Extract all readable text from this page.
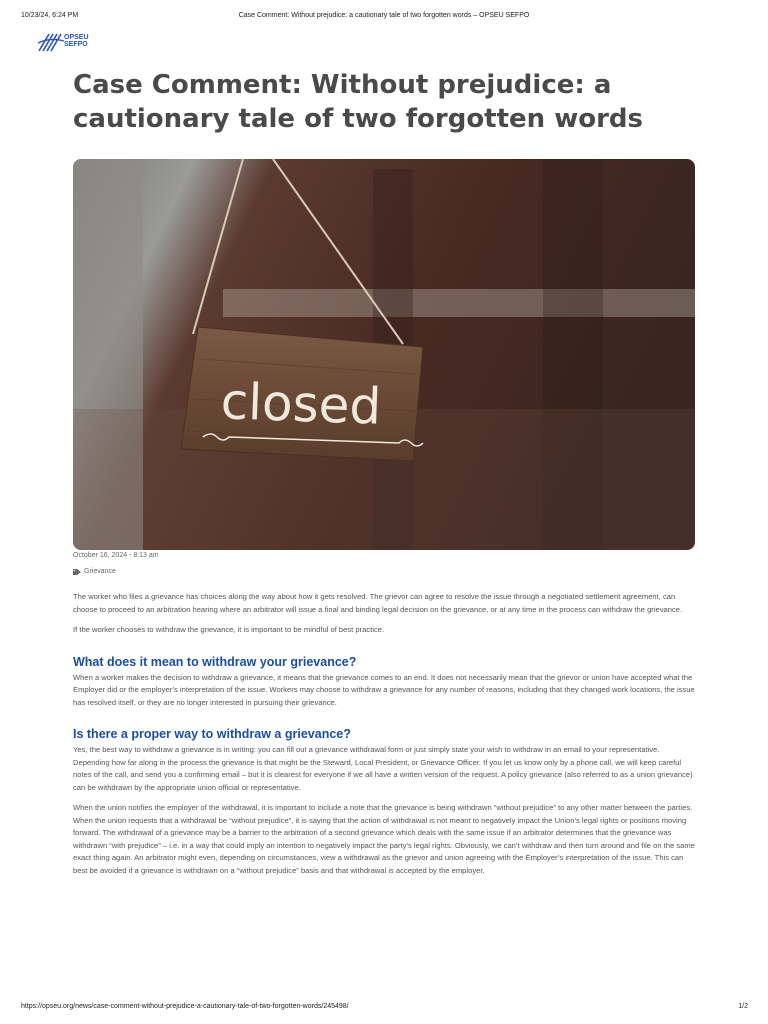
10/23/24, 6:24 PM	Case Comment: Without prejudice: a cautionary tale of two forgotten words – OPSEU SEFPO
OPSEU
SEFPO
Case Comment: Without prejudice: a cautionary tale of two forgotten words
closed
October 16, 2024 - 8:13 am
Grievance

The worker who files a grievance has choices along the way about how it gets resolved. The grievor can agree to resolve the issue through a negotiated settlement agreement, can choose to proceed to an arbitration hearing where an arbitrator will issue a final and binding legal decision on the grievance, or at any time in the process can withdraw the grievance.

If the worker chooses to withdraw the grievance, it is important to be mindful of best practice.

What does it mean to withdraw your grievance?

When a worker makes the decision to withdraw a grievance, it means that the grievance comes to an end. It does not necessarily mean that the grievor or union have accepted what the Employer did or the employer’s interpretation of the issue. Workers may choose to withdraw a grievance for any number of reasons, including that they changed work locations, the issue has resolved itself, or they are no longer interested in pursuing their grievance.

Is there a proper way to withdraw a grievance?

Yes, the best way to withdraw a grievance is in writing: you can fill out a grievance withdrawal form or just simply state your wish to withdraw in an email to your representative. Depending how far along in the process the grievance is that might be the Steward, Local President, or Grievance Officer. If you let us know only by a phone call, we will keep careful notes of the call, and send you a confirming email – but it is clearest for everyone if we all have a written version of the request. A policy grievance (also referred to as a union grievance) can be withdrawn by the appropriate union official or representative.

When the union notifies the employer of the withdrawal, it is important to include a note that the grievance is being withdrawn “without prejudice” to any other matter between the parties. When the union requests that a withdrawal be “without prejudice”, it is saying that the action of withdrawal is not meant to negatively impact the Union’s legal rights or positions moving forward. The withdrawal of a grievance may be a barrier to the arbitration of a second grievance which deals with the same issue if an arbitrator determines that the grievance was withdrawn “with prejudice” – i.e. in a way that could imply an intention to negatively impact the party’s legal rights. Obviously, we can’t withdraw and then turn around and file on the same exact thing again. An arbitrator might even, depending on circumstances, view a withdrawal as the grievor and union agreeing with the Employer’s interpretation of the issue. This can best be avoided if a grievance is withdrawn on a “without prejudice” basis and that withdrawal is accepted by the employer.

https://opseu.org/news/case-comment-without-prejudice-a-cautionary-tale-of-two-forgotten-words/245498/	1/2
